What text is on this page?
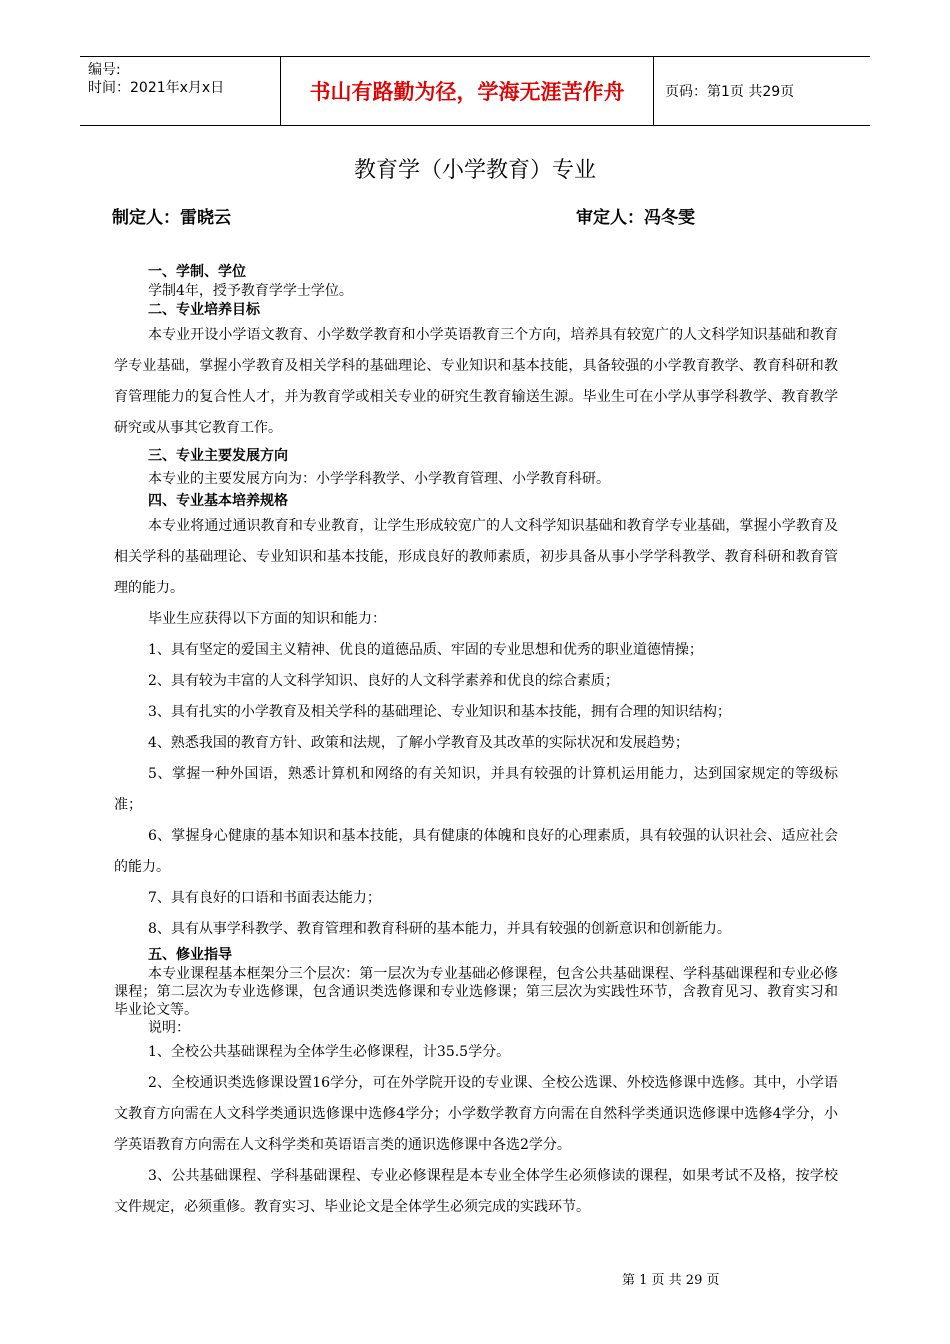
编号:
时间：2021年x月x日	书山有路勤为径，学海无涯苦作舟	页码：第1页 共29页
教育学（小学教育）专业
制定人：雷晓云	审定人：冯冬雯
一、学制、学位
学制4年，授予教育学学士学位。
二、专业培养目标
本专业开设小学语文教育、小学数学教育和小学英语教育三个方向，培养具有较宽广的人文科学知识基础和教育学专业基础，掌握小学教育及相关学科的基础理论、专业知识和基本技能，具备较强的小学教育教学、教育科研和教育管理能力的复合性人才，并为教育学或相关专业的研究生教育输送生源。毕业生可在小学从事学科教学、教育教学研究或从事其它教育工作。
三、专业主要发展方向
本专业的主要发展方向为：小学学科教学、小学教育管理、小学教育科研。
四、专业基本培养规格
本专业将通过通识教育和专业教育，让学生形成较宽广的人文科学知识基础和教育学专业基础，掌握小学教育及相关学科的基础理论、专业知识和基本技能，形成良好的教师素质，初步具备从事小学学科教学、教育科研和教育管理的能力。
毕业生应获得以下方面的知识和能力：
1、具有坚定的爱国主义精神、优良的道德品质、牢固的专业思想和优秀的职业道德情操；
2、具有较为丰富的人文科学知识、良好的人文科学素养和优良的综合素质；
3、具有扎实的小学教育及相关学科的基础理论、专业知识和基本技能，拥有合理的知识结构；
4、熟悉我国的教育方针、政策和法规，了解小学教育及其改革的实际状况和发展趋势；
5、掌握一种外国语，熟悉计算机和网络的有关知识，并具有较强的计算机运用能力，达到国家规定的等级标准；
6、掌握身心健康的基本知识和基本技能，具有健康的体魄和良好的心理素质，具有较强的认识社会、适应社会的能力。
7、具有良好的口语和书面表达能力；
8、具有从事学科教学、教育管理和教育科研的基本能力，并具有较强的创新意识和创新能力。
五、修业指导
本专业课程基本框架分三个层次：第一层次为专业基础必修课程，包含公共基础课程、学科基础课程和专业必修课程；第二层次为专业选修课，包含通识类选修课和专业选修课；第三层次为实践性环节，含教育见习、教育实习和毕业论文等。
说明：
1、全校公共基础课程为全体学生必修课程，计35.5学分。
2、全校通识类选修课设置16学分，可在外学院开设的专业课、全校公选课、外校选修课中选修。其中，小学语文教育方向需在人文科学类通识选修课中选修4学分；小学数学教育方向需在自然科学类通识选修课中选修4学分，小学英语教育方向需在人文科学类和英语语言类的通识选修课中各选2学分。
3、公共基础课程、学科基础课程、专业必修课程是本专业全体学生必须修读的课程，如果考试不及格，按学校文件规定，必须重修。教育实习、毕业论文是全体学生必须完成的实践环节。
第 1 页 共 29 页
